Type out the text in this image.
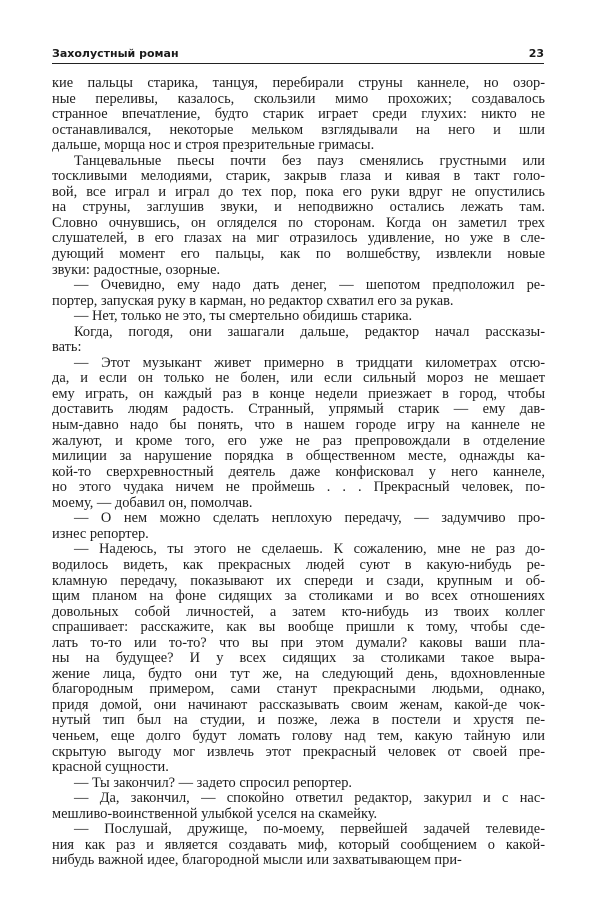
Захолустный роман	23

кие пальцы старика, танцуя, перебирали струны каннеле, но озор-
ные переливы, казалось, скользили мимо прохожих; создавалось
странное впечатление, будто старик играет среди глухих: никто не
останавливался, некоторые мельком взглядывали на него и шли
дальше, морща нос и строя презрительные гримасы.

Танцевальные пьесы почти без пауз сменялись грустными или
тоскливыми мелодиями, старик, закрыв глаза и кивая в такт голо-
вой, все играл и играл до тех пор, пока его руки вдруг не опустились
на струны, заглушив звуки, и неподвижно остались лежать там.
Словно очнувшись, он огляделся по сторонам. Когда он заметил трех
слушателей, в его глазах на миг отразилось удивление, но уже в сле-
дующий момент его пальцы, как по волшебству, извлекли новые
звуки: радостные, озорные.

— Очевидно, ему надо дать денег, — шепотом предположил ре-
портер, запуская руку в карман, но редактор схватил его за рукав.

— Нет, только не это, ты смертельно обидишь старика.

Когда, погодя, они зашагали дальше, редактор начал рассказы-
вать:

— Этот музыкант живет примерно в тридцати километрах отсю-
да, и если он только не болен, или если сильный мороз не мешает
ему играть, он каждый раз в конце недели приезжает в город, чтобы
доставить людям радость. Странный, упрямый старик — ему дав-
ным-давно надо бы понять, что в нашем городе игру на каннеле не
жалуют, и кроме того, его уже не раз препровождали в отделение
милиции за нарушение порядка в общественном месте, однажды ка-
кой-то сверхревностный деятель даже конфисковал у него каннеле,
но этого чудака ничем не проймешь . . . Прекрасный человек, по-
моему, — добавил он, помолчав.

— О нем можно сделать неплохую передачу, — задумчиво про-
изнес репортер.

— Надеюсь, ты этого не сделаешь. К сожалению, мне не раз до-
водилось видеть, как прекрасных людей суют в какую-нибудь ре-
кламную передачу, показывают их спереди и сзади, крупным и об-
щим планом на фоне сидящих за столиками и во всех отношениях
довольных собой личностей, а затем кто-нибудь из твоих коллег
спрашивает: расскажите, как вы вообще пришли к тому, чтобы сде-
лать то-то или то-то? что вы при этом думали? каковы ваши пла-
ны на будущее? И у всех сидящих за столиками такое выра-
жение лица, будто они тут же, на следующий день, вдохновленные
благородным примером, сами станут прекрасными людьми, однако,
придя домой, они начинают рассказывать своим женам, какой-де чок-
нутый тип был на студии, и позже, лежа в постели и хрустя пе-
ченьем, еще долго будут ломать голову над тем, какую тайную или
скрытую выгоду мог извлечь этот прекрасный человек от своей пре-
красной сущности.

— Ты закончил? — задето спросил репортер.

— Да, закончил, — спокойно ответил редактор, закурил и с нас-
мешливо-воинственной улыбкой уселся на скамейку.

— Послушай, дружище, по-моему, первейшей задачей телевиде-
ния как раз и является создавать миф, который сообщением о какой-
нибудь важной идее, благородной мысли или захватывающем при-
